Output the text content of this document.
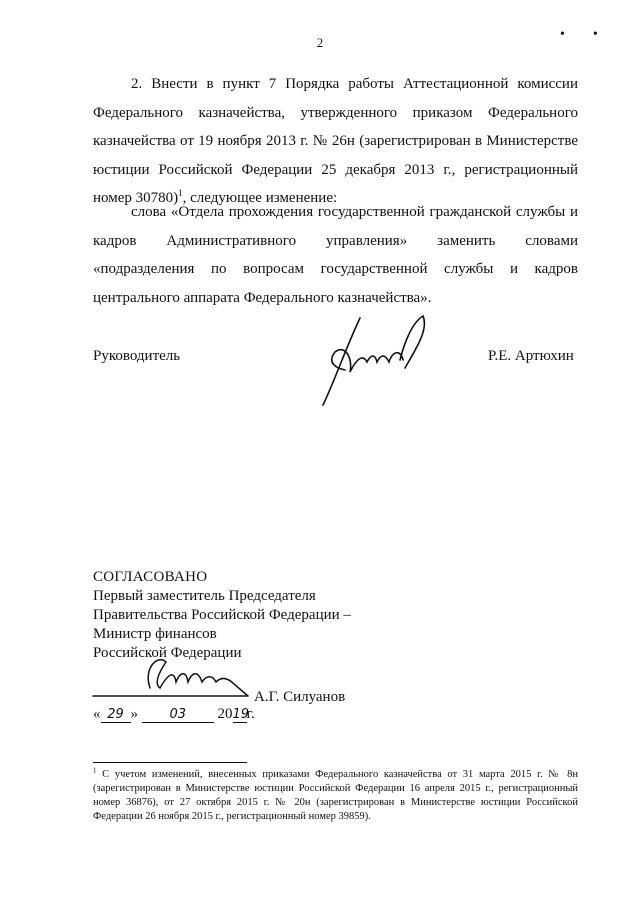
2
••

2. Внести в пункт 7 Порядка работы Аттестационной комиссии Федерального казначейства, утвержденного приказом Федерального казначейства от 19 ноября 2013 г. № 26н (зарегистрирован в Министерстве юстиции Российской Федерации 25 декабря 2013 г., регистрационный номер 30780)$^1$, следующее изменение:

слова «Отдела прохождения государственной гражданской службы и кадров Административного управления» заменить словами «подразделения по вопросам государственной службы и кадров центрального аппарата Федерального казначейства».

Руководитель	Р.Е. Артюхин
СОГЛАСОВАНО
Первый заместитель Председателя
Правительства Российской Федерации –
Министр финансов
Российской Федерации
А.Г. Силуанов
« 29 » 03 2019г.

$^1$ С учетом изменений, внесенных приказами Федерального казначейства от 31 марта 2015 г. № 8н (зарегистрирован в Министерстве юстиции Российской Федерации 16 апреля 2015 г., регистрационный номер 36876), от 27 октября 2015 г. № 20н (зарегистрирован в Министерстве юстиции Российской Федерации 26 ноября 2015 г., регистрационный номер 39859).
